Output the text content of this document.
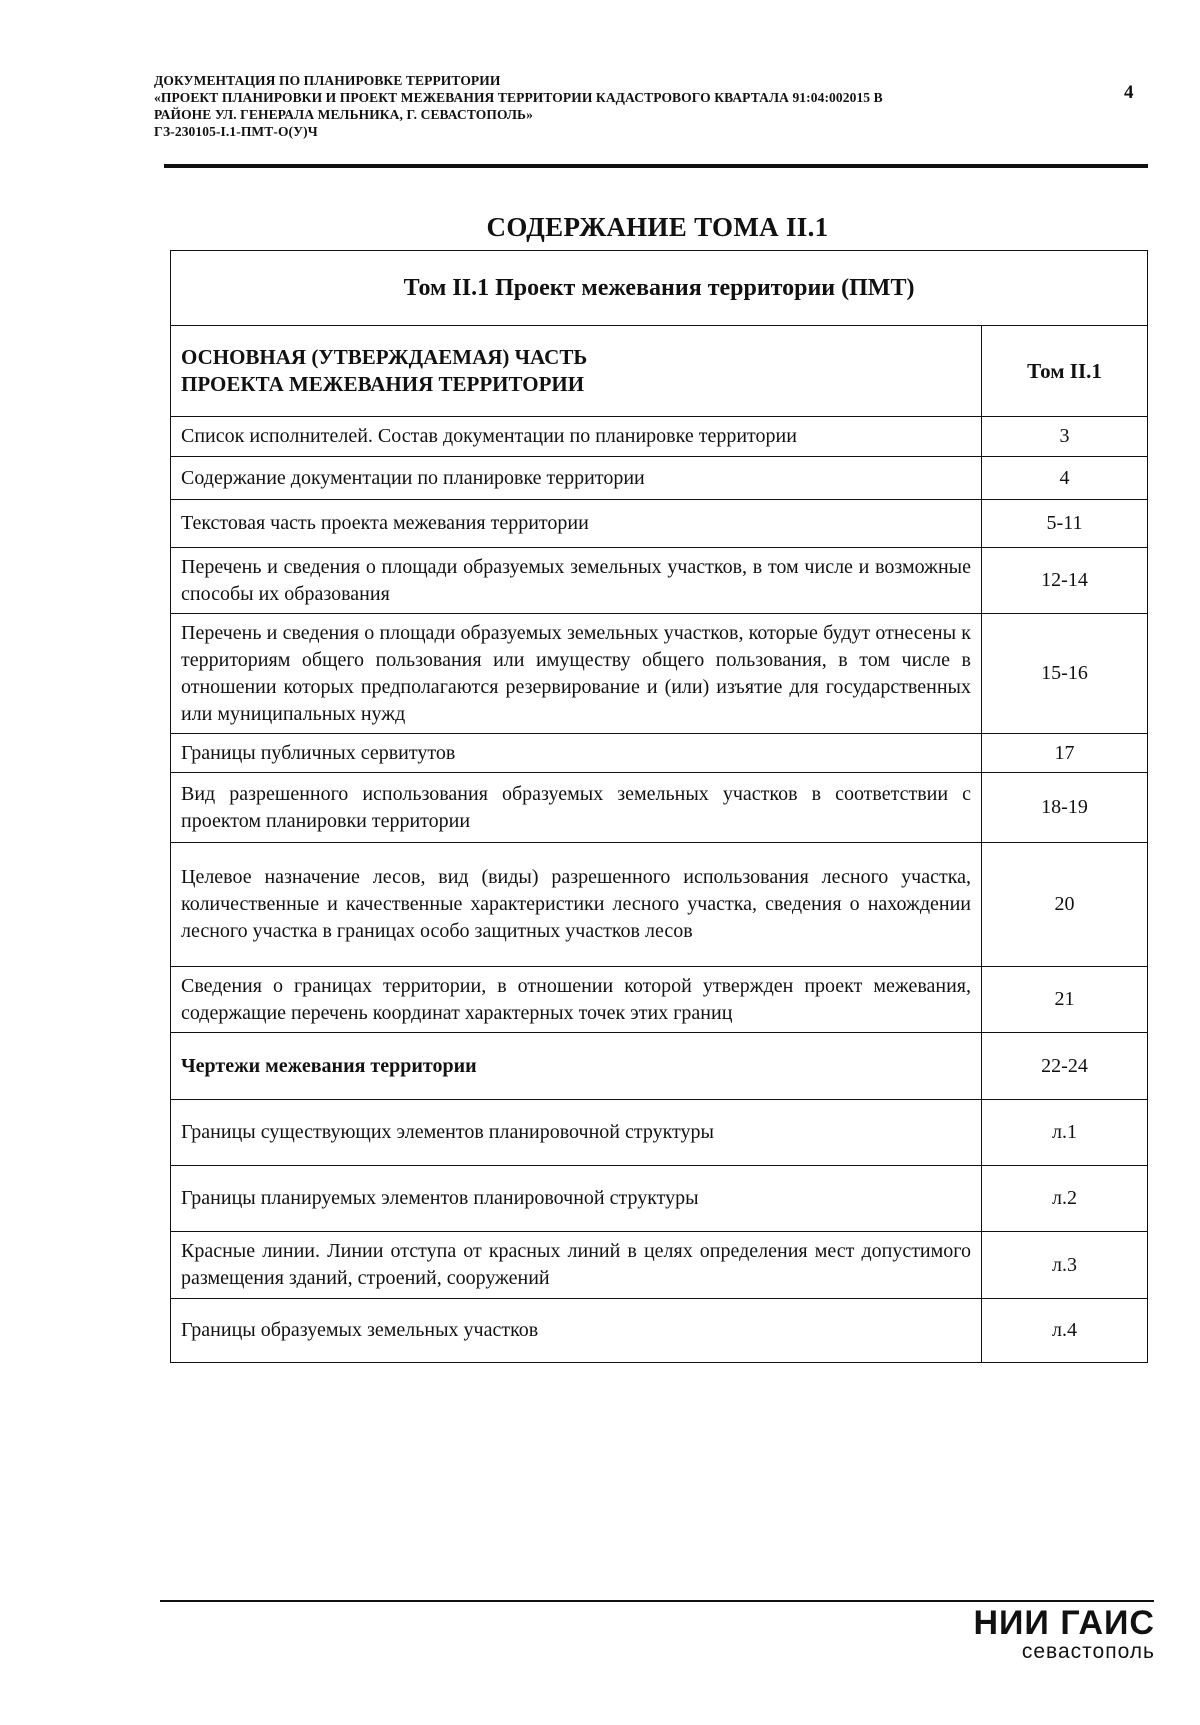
ДОКУМЕНТАЦИЯ ПО ПЛАНИРОВКЕ ТЕРРИТОРИИ
«ПРОЕКТ ПЛАНИРОВКИ И ПРОЕКТ МЕЖЕВАНИЯ ТЕРРИТОРИИ КАДАСТРОВОГО КВАРТАЛА 91:04:002015 В
РАЙОНЕ УЛ. ГЕНЕРАЛА МЕЛЬНИКА, Г. СЕВАСТОПОЛЬ»
ГЗ-230105-I.1-ПМТ-О(У)Ч
4
СОДЕРЖАНИЕ ТОМА II.1
Том II.1 Проект межевания территории (ПМТ)	

ОСНОВНАЯ (УТВЕРЖДАЕМАЯ) ЧАСТЬ
ПРОЕКТА МЕЖЕВАНИЯ ТЕРРИТОРИИ	Том II.1
Список исполнителей. Состав документации по планировке территории	3
Содержание документации по планировке территории	4
Текстовая часть проекта межевания территории	5-11
Перечень и сведения о площади образуемых земельных участков, в том числе и возможные способы их образования	12-14
Перечень и сведения о площади образуемых земельных участков, которые будут отнесены к территориям общего пользования или имуществу общего пользования, в том числе в отношении которых предполагаются резервирование и (или) изъятие для государственных или муниципальных нужд	15-16
Границы публичных сервитутов	17
Вид разрешенного использования образуемых земельных участков в соответствии с проектом планировки территории	18-19
Целевое назначение лесов, вид (виды) разрешенного использования лесного участка, количественные и качественные характеристики лесного участка, сведения о нахождении лесного участка в границах особо защитных участков лесов	20
Сведения о границах территории, в отношении которой утвержден проект межевания, содержащие перечень координат характерных точек этих границ	21
Чертежи межевания территории	22-24
Границы существующих элементов планировочной структуры	л.1
Границы планируемых элементов планировочной структуры	л.2
Красные линии. Линии отступа от красных линий в целях определения мест допустимого размещения зданий, строений, сооружений	л.3
Границы образуемых земельных участков	л.4
НИИ ГАИС
севастополь
